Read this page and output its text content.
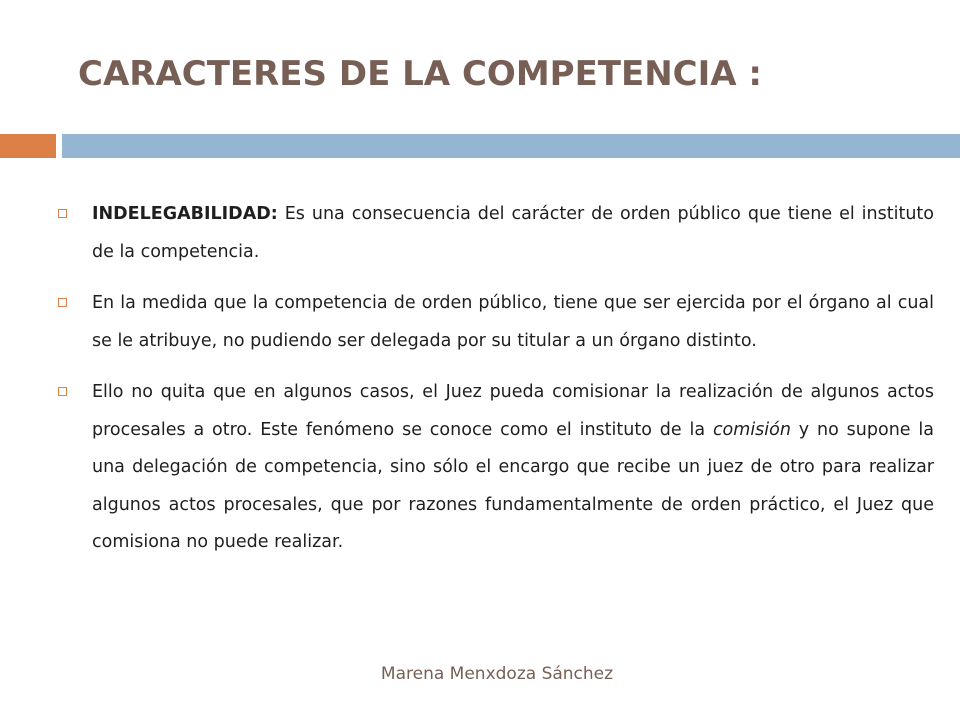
CARACTERES DE LA COMPETENCIA :
INDELEGABILIDAD: Es una consecuencia del carácter de orden público que tiene el instituto de la competencia.
En la medida que la competencia de orden público, tiene que ser ejercida por el órgano al cual se le atribuye, no pudiendo ser delegada por su titular a un órgano distinto.
Ello no quita que en algunos casos, el Juez pueda comisionar la realización de algunos actos procesales a otro. Este fenómeno se conoce como el instituto de la comisión y no supone la una delegación de competencia, sino sólo el encargo que recibe un juez de otro para realizar algunos actos procesales, que por razones fundamentalmente de orden práctico, el Juez que comisiona no puede realizar.
Marena Menxdoza Sánchez
